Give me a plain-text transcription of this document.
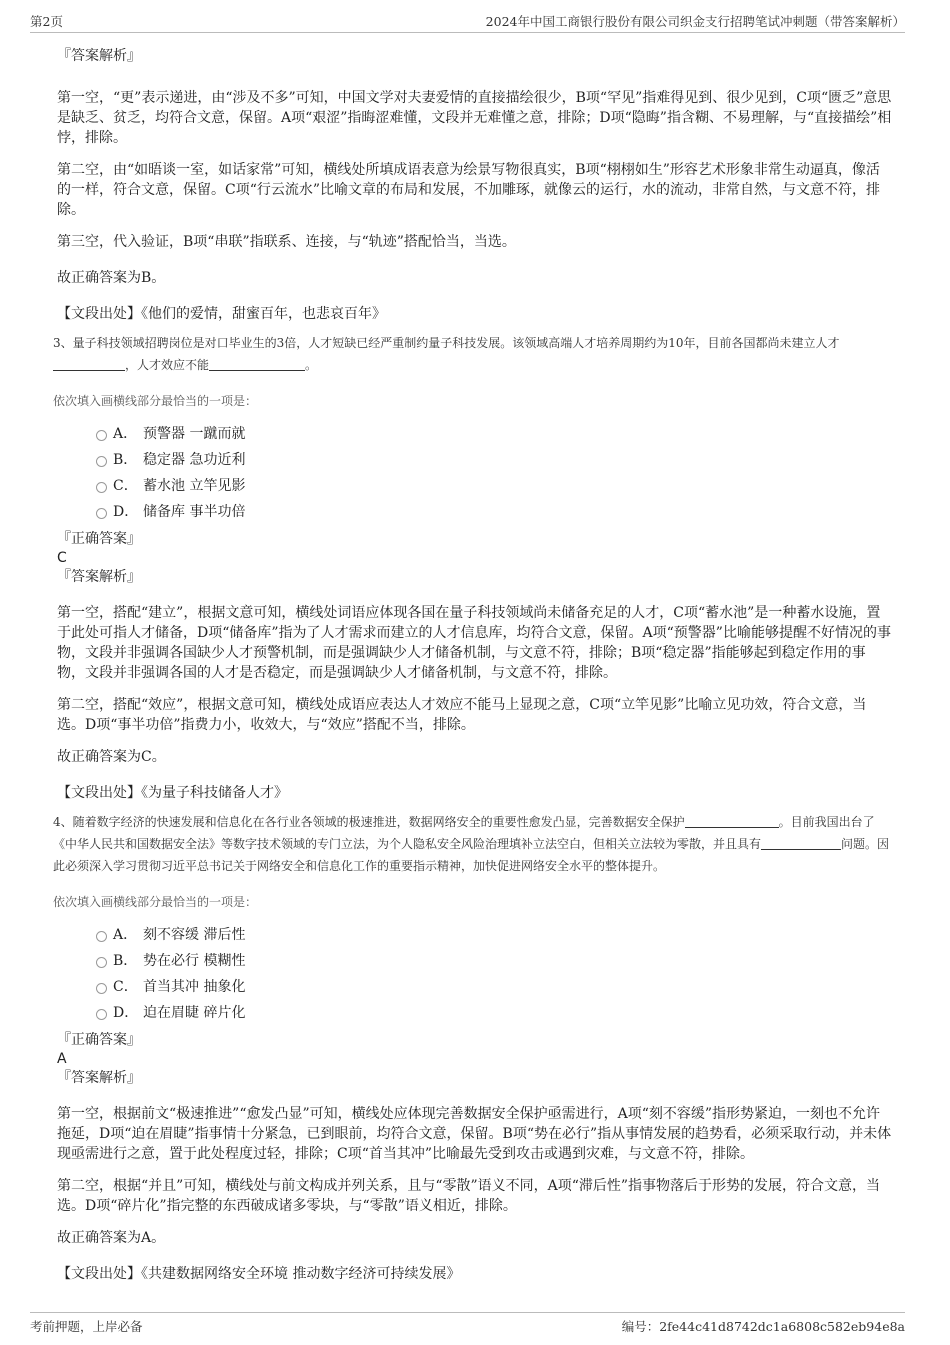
第2页	2024年中国工商银行股份有限公司织金支行招聘笔试冲刺题（带答案解析）

『答案解析』

第一空，“更”表示递进，由“涉及不多”可知，中国文学对夫妻爱情的直接描绘很少，B项“罕见”指难得见到、很少见到，C项“匮乏”意思是缺乏、贫乏，均符合文意，保留。A项“艰涩”指晦涩难懂，文段并无难懂之意，排除；D项“隐晦”指含糊、不易理解，与“直接描绘”相悖，排除。

第二空，由“如晤谈一室，如话家常”可知，横线处所填成语表意为绘景写物很真实，B项“栩栩如生”形容艺术形象非常生动逼真，像活的一样，符合文意，保留。C项“行云流水”比喻文章的布局和发展，不加雕琢，就像云的运行，水的流动，非常自然，与文意不符，排除。

第三空，代入验证，B项“串联”指联系、连接，与“轨迹”搭配恰当，当选。

故正确答案为B。

【文段出处】《他们的爱情，甜蜜百年，也悲哀百年》

3、量子科技领域招聘岗位是对口毕业生的3倍，人才短缺已经严重制约量子科技发展。该领域高端人才培养周期约为10年，目前各国都尚未建立人才，人才效应不能	。

依次填入画横线部分最恰当的一项是：

A． 预警器 一蹴而就
B． 稳定器 急功近利
C． 蓄水池 立竿见影
D． 储备库 事半功倍

『正确答案』

C

『答案解析』

第一空，搭配“建立”，根据文意可知，横线处词语应体现各国在量子科技领域尚未储备充足的人才，C项“蓄水池”是一种蓄水设施，置于此处可指人才储备，D项“储备库”指为了人才需求而建立的人才信息库，均符合文意，保留。A项“预警器”比喻能够提醒不好情况的事物，文段并非强调各国缺少人才预警机制，而是强调缺少人才储备机制，与文意不符，排除；B项“稳定器”指能够起到稳定作用的事物，文段并非强调各国的人才是否稳定，而是强调缺少人才储备机制，与文意不符，排除。

第二空，搭配“效应”，根据文意可知，横线处成语应表达人才效应不能马上显现之意，C项“立竿见影”比喻立见功效，符合文意，当选。D项“事半功倍”指费力小，收效大，与“效应”搭配不当，排除。

故正确答案为C。

【文段出处】《为量子科技储备人才》

4、随着数字经济的快速发展和信息化在各行业各领域的极速推进，数据网络安全的重要性愈发凸显，完善数据安全保护	。目前我国出台了《中华人民共和国数据安全法》等数字技术领域的专门立法，为个人隐私安全风险治理填补立法空白，但相关立法较为零散，并且具有	问题。因此必须深入学习贯彻习近平总书记关于网络安全和信息化工作的重要指示精神，加快促进网络安全水平的整体提升。

依次填入画横线部分最恰当的一项是：

A． 刻不容缓 滞后性
B． 势在必行 模糊性
C． 首当其冲 抽象化
D． 迫在眉睫 碎片化

『正确答案』

A

『答案解析』

第一空，根据前文“极速推进”“愈发凸显”可知，横线处应体现完善数据安全保护亟需进行，A项“刻不容缓”指形势紧迫，一刻也不允许拖延，D项“迫在眉睫”指事情十分紧急，已到眼前，均符合文意，保留。B项“势在必行”指从事情发展的趋势看，必须采取行动，并未体现亟需进行之意，置于此处程度过轻，排除；C项“首当其冲”比喻最先受到攻击或遇到灾难，与文意不符，排除。

第二空，根据“并且”可知，横线处与前文构成并列关系，且与“零散”语义不同，A项“滞后性”指事物落后于形势的发展，符合文意，当选。D项“碎片化”指完整的东西破成诸多零块，与“零散”语义相近，排除。

故正确答案为A。

【文段出处】《共建数据网络安全环境 推动数字经济可持续发展》

考前押题，上岸必备	编号：2fe44c41d8742dc1a6808c582eb94e8a
